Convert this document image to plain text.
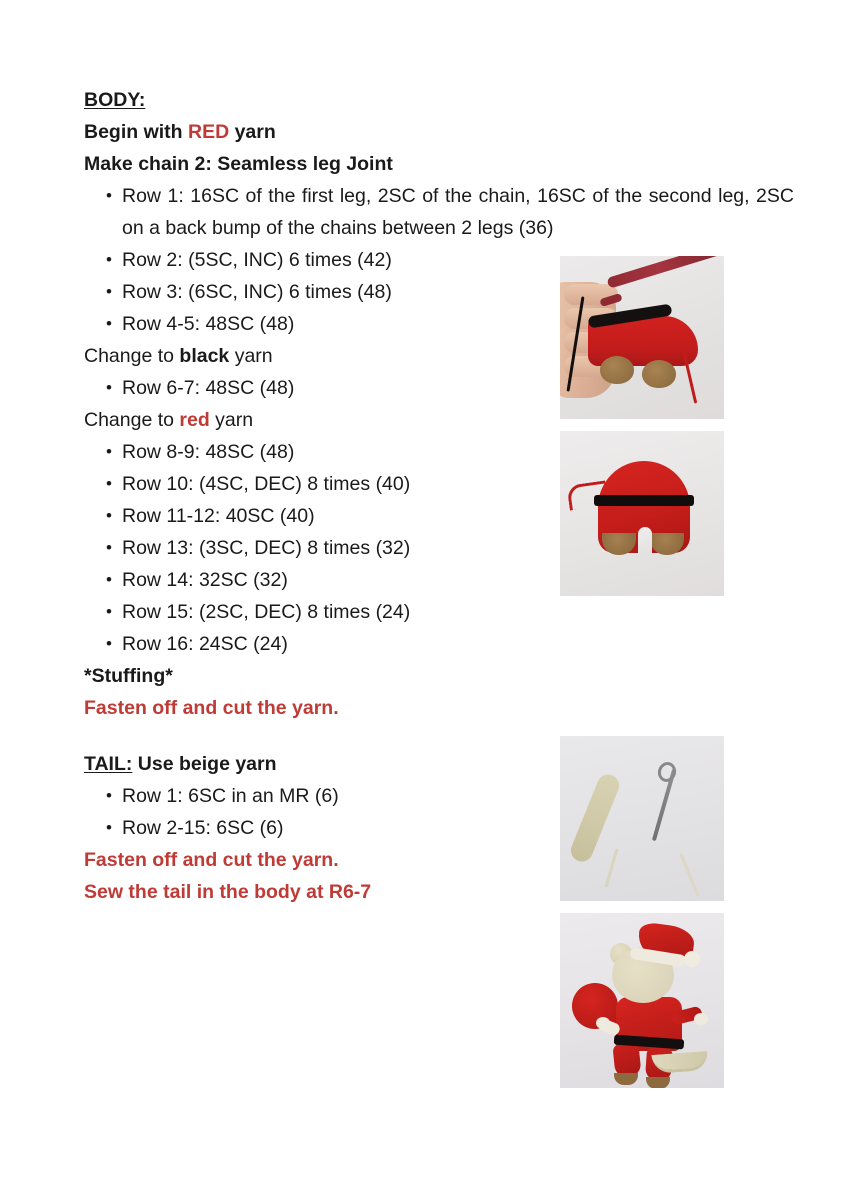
BODY:
Begin with RED yarn
Make chain 2: Seamless leg Joint
• Row 1: 16SC of the first leg, 2SC of the chain, 16SC of the second leg, 2SC on a back bump of the chains between 2 legs (36)
• Row 2: (5SC, INC) 6 times (42)
• Row 3: (6SC, INC) 6 times (48)
• Row 4-5: 48SC (48)
Change to black yarn
• Row 6-7: 48SC (48)
Change to red yarn
• Row 8-9: 48SC (48)
• Row 10: (4SC, DEC) 8 times (40)
• Row 11-12: 40SC (40)
• Row 13: (3SC, DEC) 8 times (32)
• Row 14: 32SC (32)
• Row 15: (2SC, DEC) 8 times (24)
• Row 16: 24SC (24)
*Stuffing*
Fasten off and cut the yarn.
TAIL: Use beige yarn
• Row 1: 6SC in an MR (6)
• Row 2-15: 6SC (6)
Fasten off and cut the yarn.
Sew the tail in the body at R6-7
